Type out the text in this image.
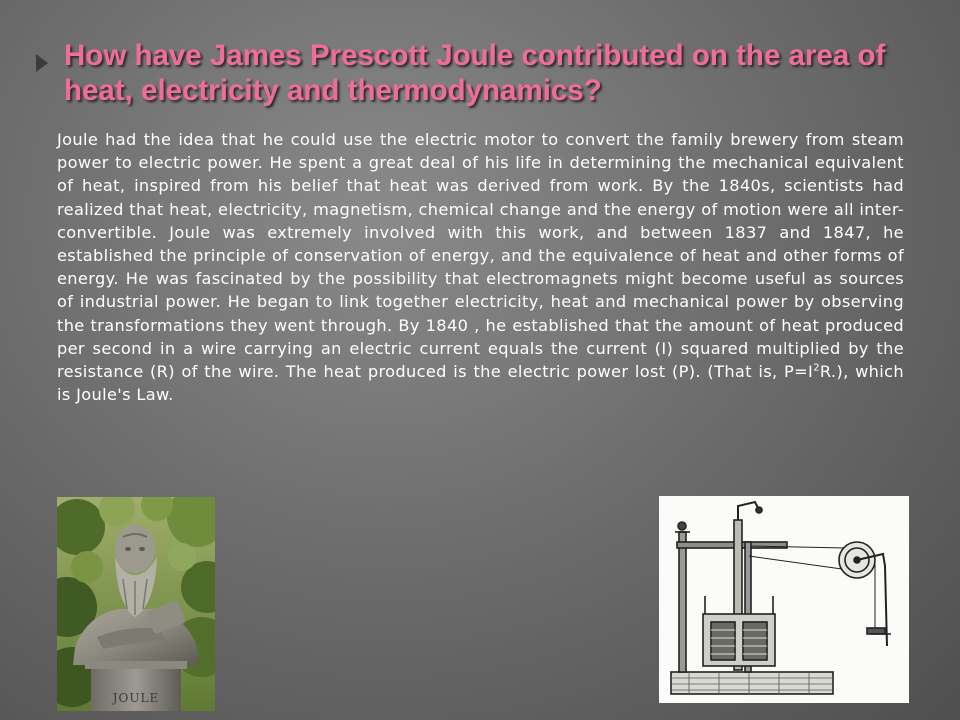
How have James Prescott Joule contributed on the area of heat, electricity and thermodynamics?

Joule had the idea that he could use the electric motor to convert the family brewery from steam power to electric power. He spent a great deal of his life in determining the mechanical equivalent of heat, inspired from his belief that heat was derived from work. By the 1840s, scientists had realized that heat, electricity, magnetism, chemical change and the energy of motion were all inter-convertible. Joule was extremely involved with this work, and between 1837 and 1847, he established the principle of conservation of energy, and the equivalence of heat and other forms of energy. He was fascinated by the possibility that electromagnets might become useful as sources of industrial power. He began to link together electricity, heat and mechanical power by observing the transformations they went through. By 1840 , he established that the amount of heat produced per second in a wire carrying an electric current equals the current (I) squared multiplied by the resistance (R) of the wire. The heat produced is the electric power lost (P). (That is, $P=I^2R$.), which is Joule's Law.

JOULE
